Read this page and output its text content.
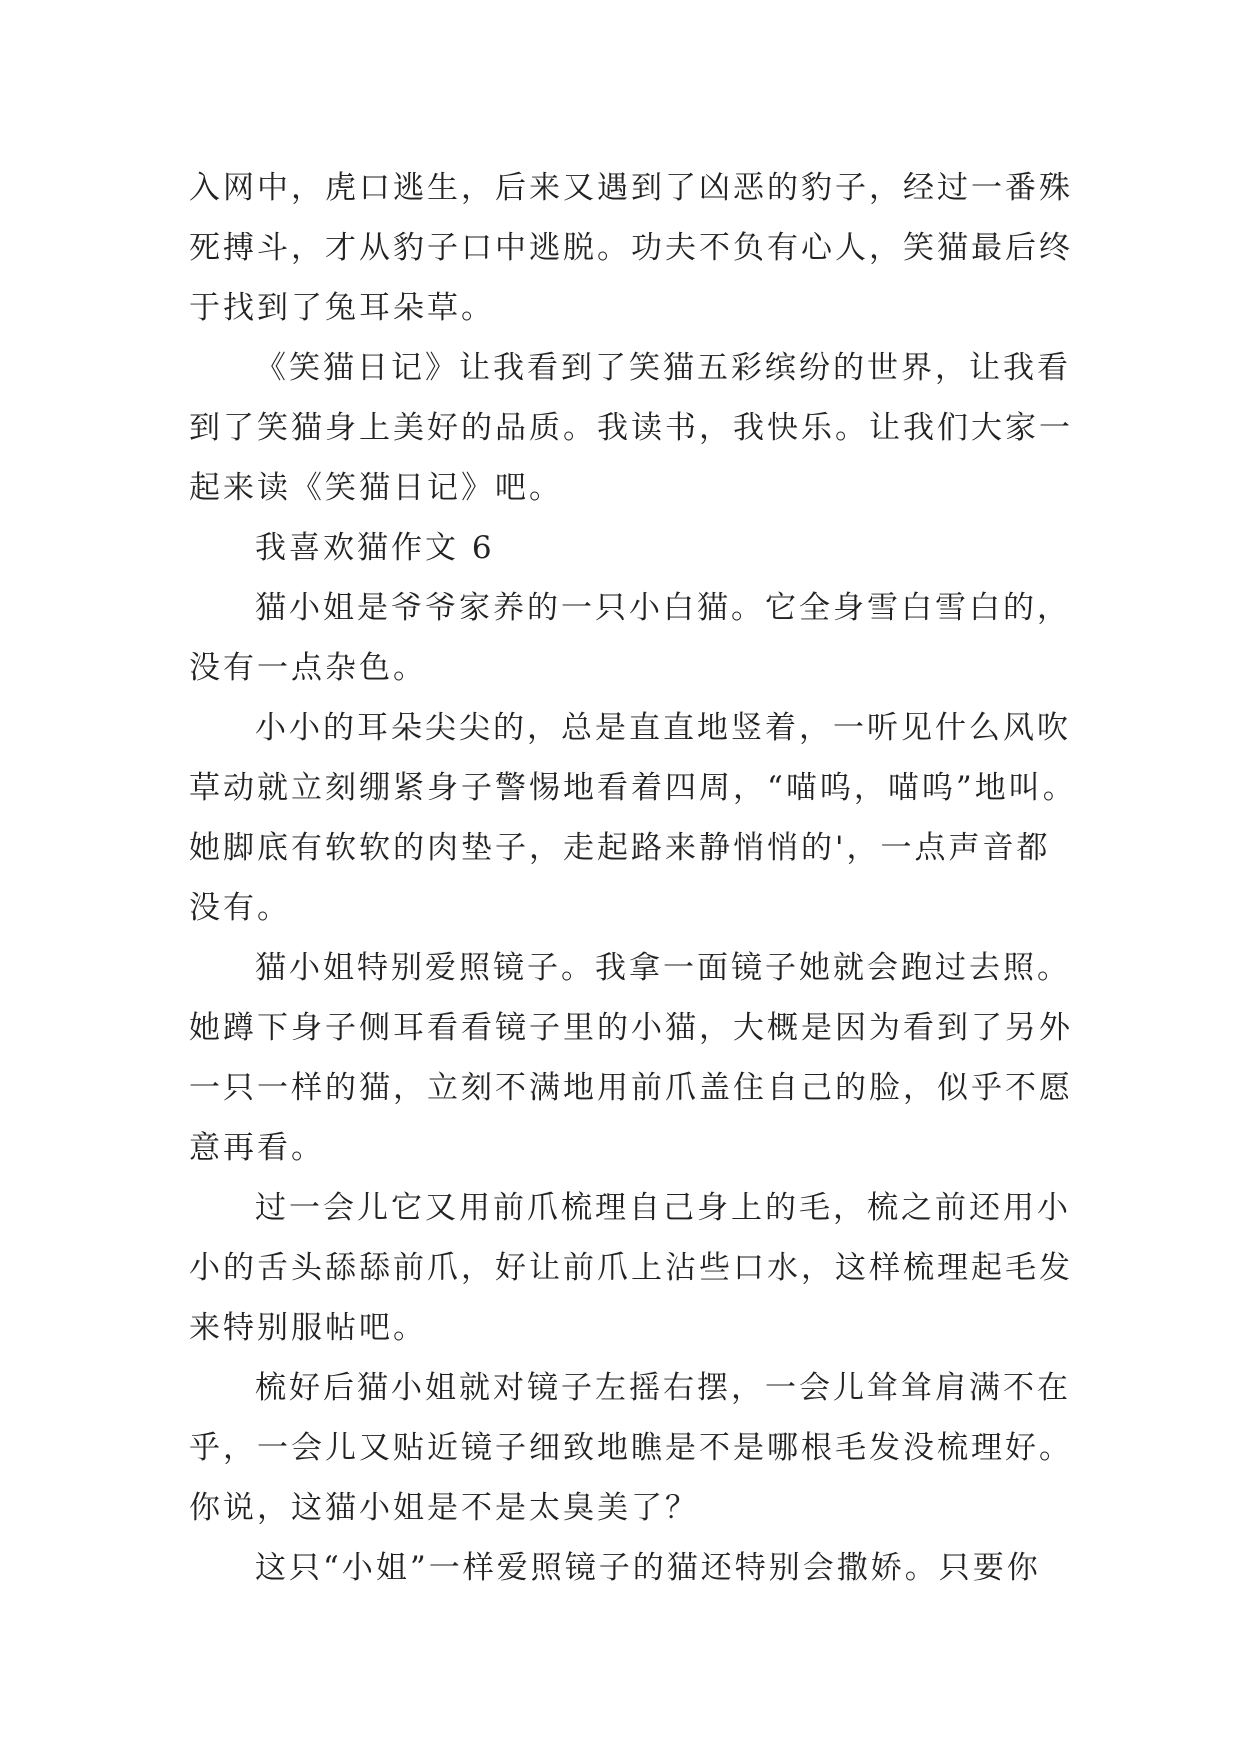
入网中，虎口逃生，后来又遇到了凶恶的豹子，经过一番殊
死搏斗，才从豹子口中逃脱。功夫不负有心人，笑猫最后终
于找到了兔耳朵草。
《笑猫日记》让我看到了笑猫五彩缤纷的世界，让我看
到了笑猫身上美好的品质。我读书，我快乐。让我们大家一
起来读《笑猫日记》吧。
我喜欢猫作文 6
猫小姐是爷爷家养的一只小白猫。它全身雪白雪白的，
没有一点杂色。
小小的耳朵尖尖的，总是直直地竖着，一听见什么风吹
草动就立刻绷紧身子警惕地看着四周，“喵呜，喵呜”地叫。
她脚底有软软的肉垫子，走起路来静悄悄的'，一点声音都
没有。
猫小姐特别爱照镜子。我拿一面镜子她就会跑过去照。
她蹲下身子侧耳看看镜子里的小猫，大概是因为看到了另外
一只一样的猫，立刻不满地用前爪盖住自己的脸，似乎不愿
意再看。
过一会儿它又用前爪梳理自己身上的毛，梳之前还用小
小的舌头舔舔前爪，好让前爪上沾些口水，这样梳理起毛发
来特别服帖吧。
梳好后猫小姐就对镜子左摇右摆，一会儿耸耸肩满不在
乎，一会儿又贴近镜子细致地瞧是不是哪根毛发没梳理好。
你说，这猫小姐是不是太臭美了？
这只“小姐”一样爱照镜子的猫还特别会撒娇。只要你
